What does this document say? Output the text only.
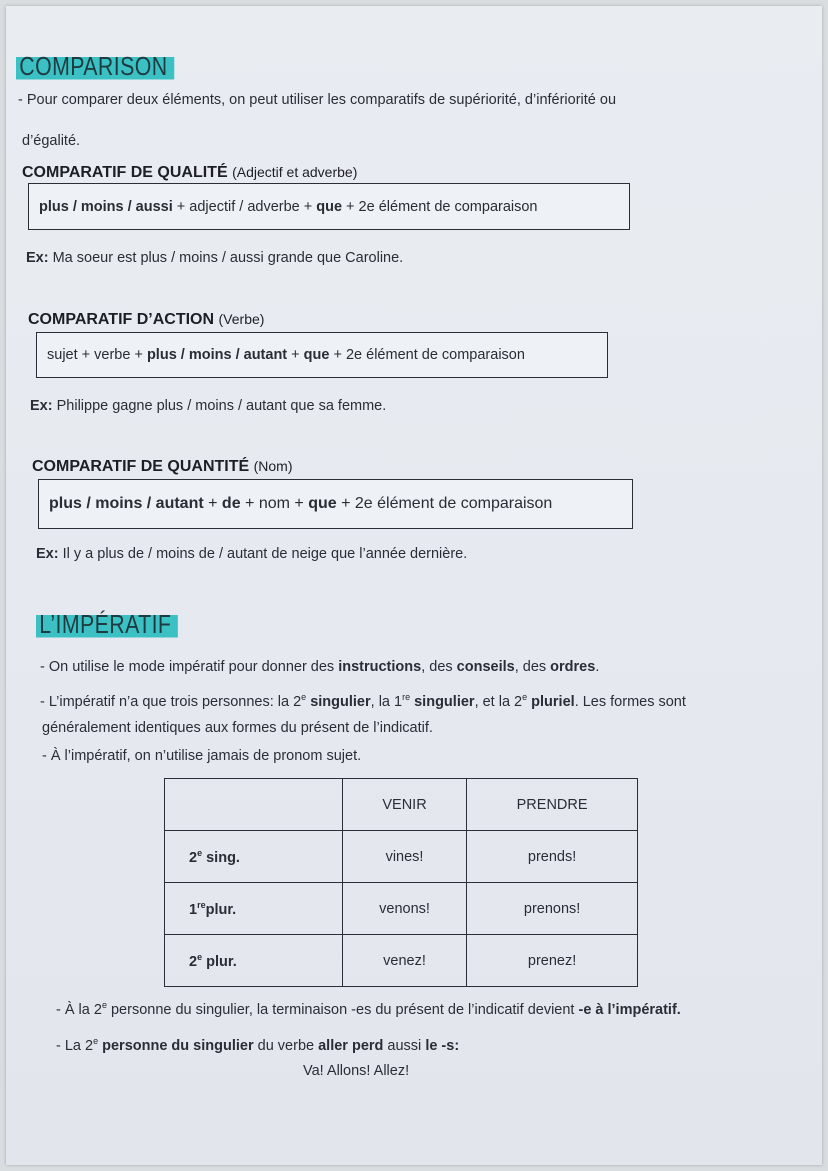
COMPARISON
- Pour comparer deux éléments, on peut utiliser les comparatifs de supériorité, d’infériorité ou
d’égalité.
COMPARATIF DE QUALITÉ (Adjectif et adverbe)
plus / moins / aussi + adjectif / adverbe + que + 2e élément de comparaison
Ex: Ma soeur est plus / moins / aussi grande que Caroline.
COMPARATIF D’ACTION (Verbe)
sujet + verbe + plus / moins / autant + que + 2e élément de comparaison
Ex: Philippe gagne plus / moins / autant que sa femme.
COMPARATIF DE QUANTITÉ (Nom)
plus / moins / autant + de + nom + que + 2e élément de comparaison
Ex: Il y a plus de / moins de / autant de neige que l’année dernière.
L’IMPÉRATIF
- On utilise le mode impératif pour donner des instructions, des conseils, des ordres.
- L’impératif n’a que trois personnes: la 2e singulier, la 1re singulier, et la 2e pluriel. Les formes sont
généralement identiques aux formes du présent de l’indicatif.
- À l’impératif, on n’utilise jamais de pronom sujet.
	VENIR	PRENDRE
2e sing.	vines!	prends!
1replur.	venons!	prenons!
2e plur.	venez!	prenez!
- À la 2e personne du singulier, la terminaison -es du présent de l’indicatif devient -e à l’impératif.
- La 2e personne du singulier du verbe aller perd aussi le -s:
Va! Allons! Allez!
